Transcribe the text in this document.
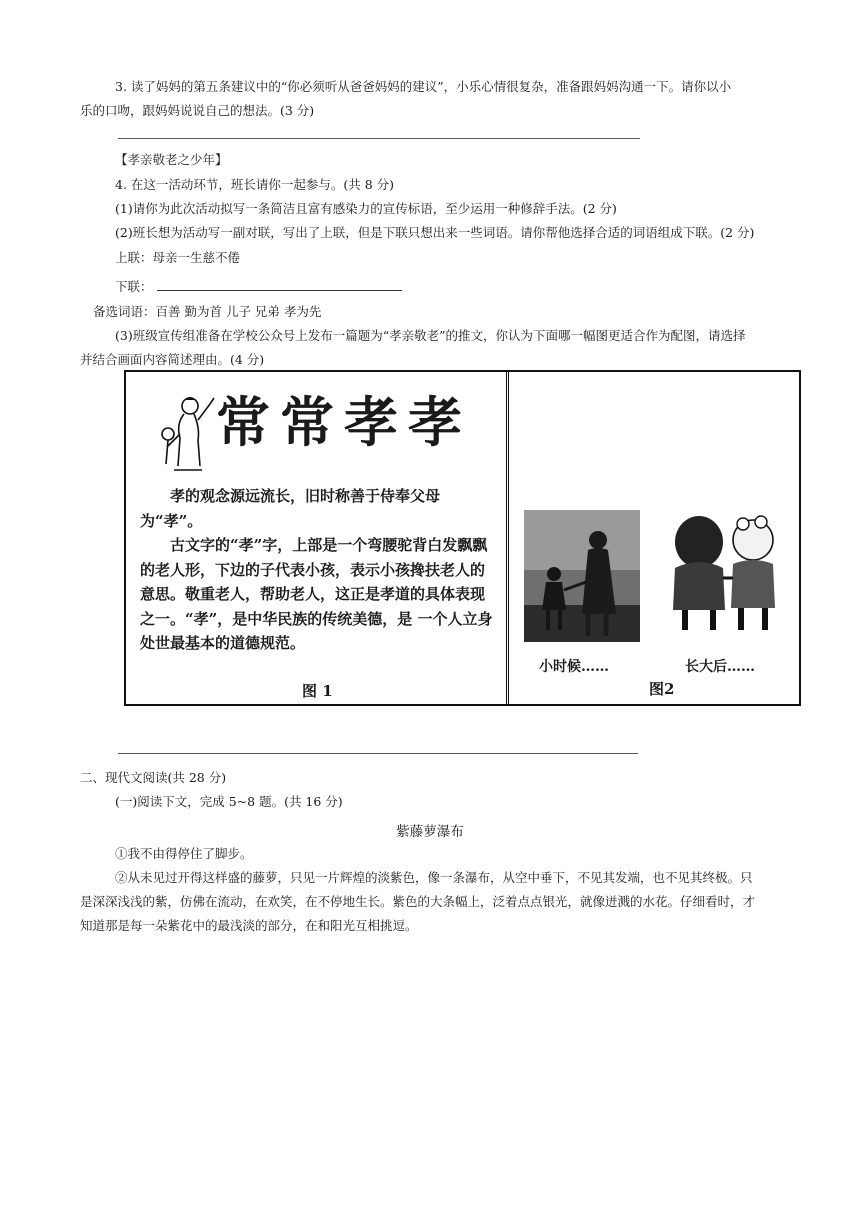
3. 读了妈妈的第五条建议中的“你必须听从爸爸妈妈的建议”，小乐心情很复杂，准备跟妈妈沟通一下。请你以小
乐的口吻，跟妈妈说说自己的想法。(3 分)
【孝亲敬老之少年】
4. 在这一活动环节，班长请你一起参与。(共 8 分)
(1)请你为此次活动拟写一条简洁且富有感染力的宣传标语，至少运用一种修辞手法。(2 分)
(2)班长想为活动写一副对联，写出了上联，但是下联只想出来一些词语。请你帮他选择合适的词语组成下联。(2 分)
上联：母亲一生慈不倦
下联：
备选词语：百善 勤为首 儿子 兄弟 孝为先
(3)班级宣传组准备在学校公众号上发布一篇题为“孝亲敬老”的推文，你认为下面哪一幅图更适合作为配图，请选择
并结合画面内容简述理由。(4 分)
常常孝孝

孝的观念源远流长，旧时称善于侍奉父母为“孝”。

古文字的“孝”字，上部是一个弯腰驼背白发飘飘的老人形，下边的子代表小孩，表示小孩搀扶老人的意思。敬重老人，帮助老人，这正是孝道的具体表现之一。“孝”，是中华民族的传统美德，是 一个人立身处世最基本的道德规范。

图 1
小时候……	长大后……
图2
二、现代文阅读(共 28 分)
(一)阅读下文，完成 5~8 题。(共 16 分)
紫藤萝瀑布
①我不由得停住了脚步。
②从未见过开得这样盛的藤萝，只见一片辉煌的淡紫色，像一条瀑布，从空中垂下，不见其发端，也不见其终极。只
是深深浅浅的紫，仿佛在流动，在欢笑，在不停地生长。紫色的大条幅上，泛着点点银光，就像迸溅的水花。仔细看时，才
知道那是每一朵紫花中的最浅淡的部分，在和阳光互相挑逗。
